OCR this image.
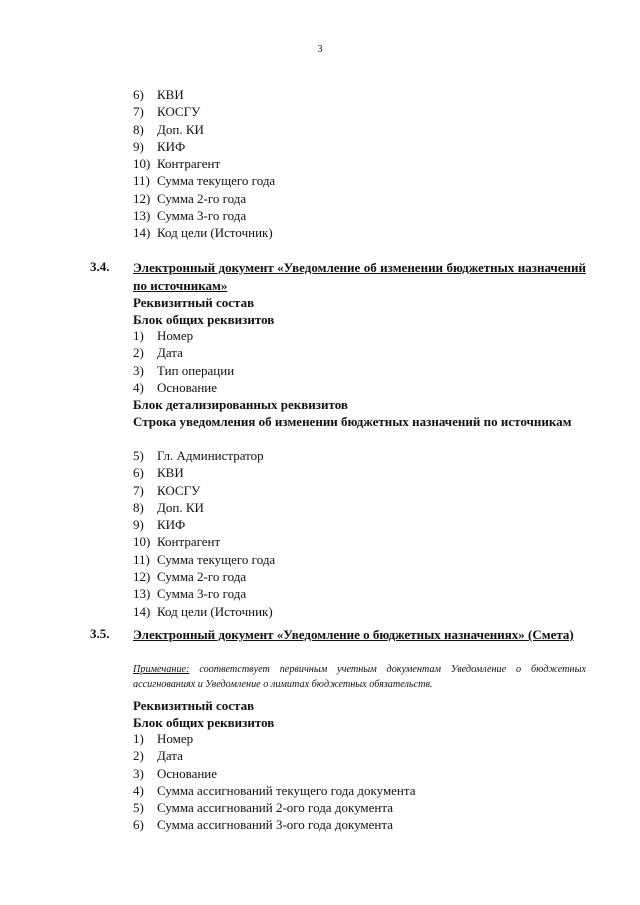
3
6)	КВИ
7)	КОСГУ
8)	Доп. КИ
9)	КИФ
10) Контрагент
11) Сумма текущего года
12) Сумма 2-го года
13) Сумма 3-го года
14) Код цели (Источник)
3.4. Электронный документ «Уведомление об изменении бюджетных назначений по источникам»
Реквизитный состав
Блок общих реквизитов
1)	Номер
2)	Дата
3)	Тип операции
4)	Основание
Блок детализированных реквизитов
Строка уведомления об изменении бюджетных назначений по источникам
5)	Гл. Администратор
6)	КВИ
7)	КОСГУ
8)	Доп. КИ
9)	КИФ
10) Контрагент
11) Сумма текущего года
12) Сумма 2-го года
13) Сумма 3-го года
14) Код цели (Источник)
3.5. Электронный документ «Уведомление о бюджетных назначениях» (Смета)
Примечание: соответствует первичным учетным документам Уведомление о бюджетных ассигнованиях и Уведомление о лимитах бюджетных обязательств.
Реквизитный состав
Блок общих реквизитов
1)	Номер
2)	Дата
3)	Основание
4)	Сумма ассигнований текущего года документа
5)	Сумма ассигнований 2-ого года документа
6)	Сумма ассигнований 3-ого года документа
